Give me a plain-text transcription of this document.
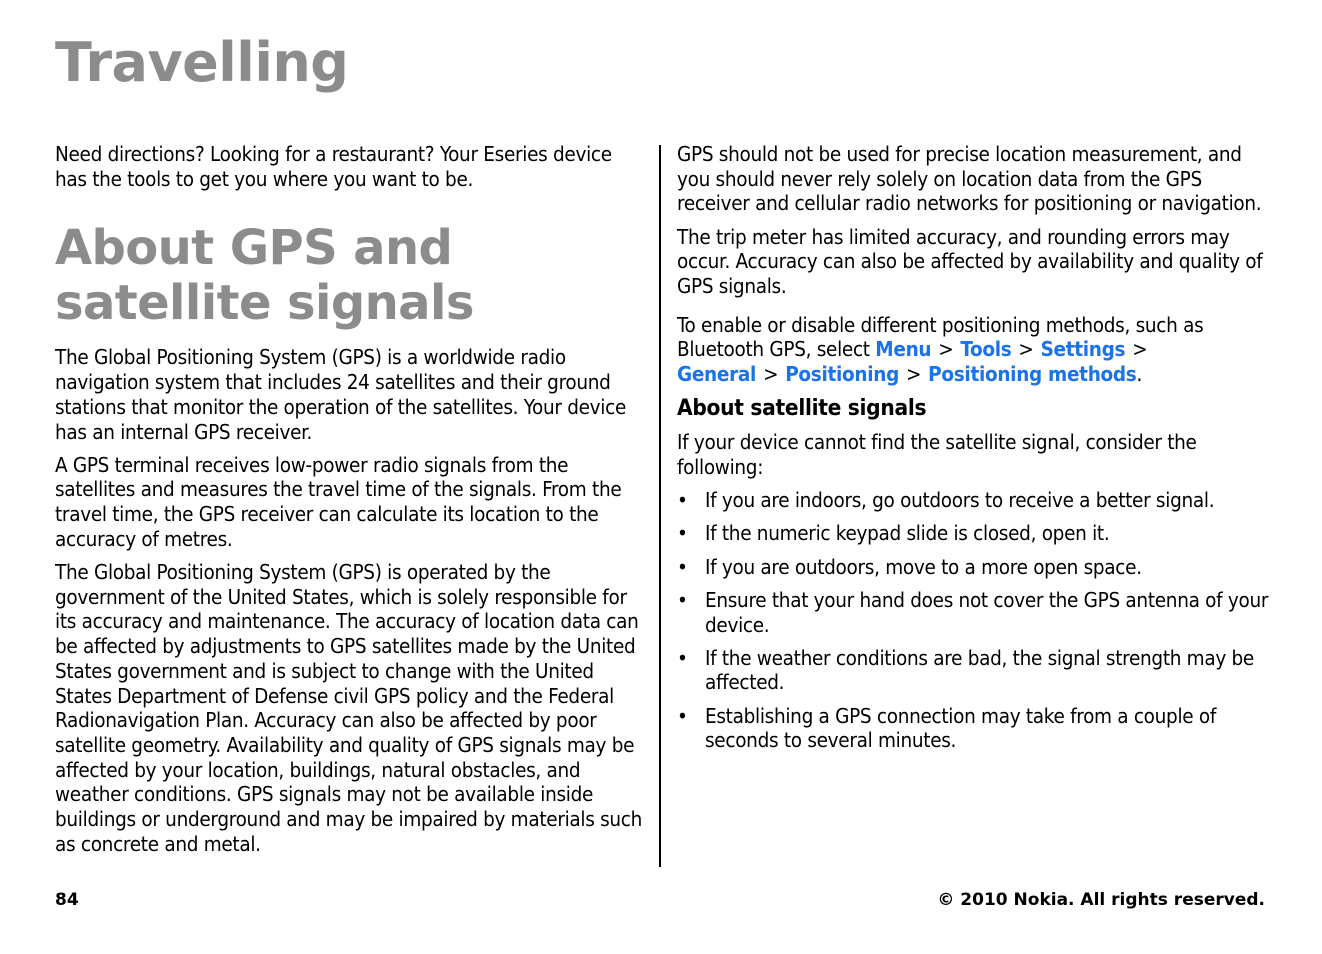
Travelling

Need directions? Looking for a restaurant? Your Eseries device has the tools to get you where you want to be.

About GPS and satellite signals

The Global Positioning System (GPS) is a worldwide radio navigation system that includes 24 satellites and their ground stations that monitor the operation of the satellites. Your device has an internal GPS receiver.

A GPS terminal receives low-power radio signals from the satellites and measures the travel time of the signals. From the travel time, the GPS receiver can calculate its location to the accuracy of metres.

The Global Positioning System (GPS) is operated by the government of the United States, which is solely responsible for its accuracy and maintenance. The accuracy of location data can be affected by adjustments to GPS satellites made by the United States government and is subject to change with the United States Department of Defense civil GPS policy and the Federal Radionavigation Plan. Accuracy can also be affected by poor satellite geometry. Availability and quality of GPS signals may be affected by your location, buildings, natural obstacles, and weather conditions. GPS signals may not be available inside buildings or underground and may be impaired by materials such as concrete and metal.

GPS should not be used for precise location measurement, and you should never rely solely on location data from the GPS receiver and cellular radio networks for positioning or navigation.

The trip meter has limited accuracy, and rounding errors may occur. Accuracy can also be affected by availability and quality of GPS signals.

To enable or disable different positioning methods, such as Bluetooth GPS, select Menu > Tools > Settings > General > Positioning > Positioning methods.

About satellite signals

If your device cannot find the satellite signal, consider the following:

• If you are indoors, go outdoors to receive a better signal.
• If the numeric keypad slide is closed, open it.
• If you are outdoors, move to a more open space.
• Ensure that your hand does not cover the GPS antenna of your device.
• If the weather conditions are bad, the signal strength may be affected.
• Establishing a GPS connection may take from a couple of seconds to several minutes.
84	© 2010 Nokia. All rights reserved.
